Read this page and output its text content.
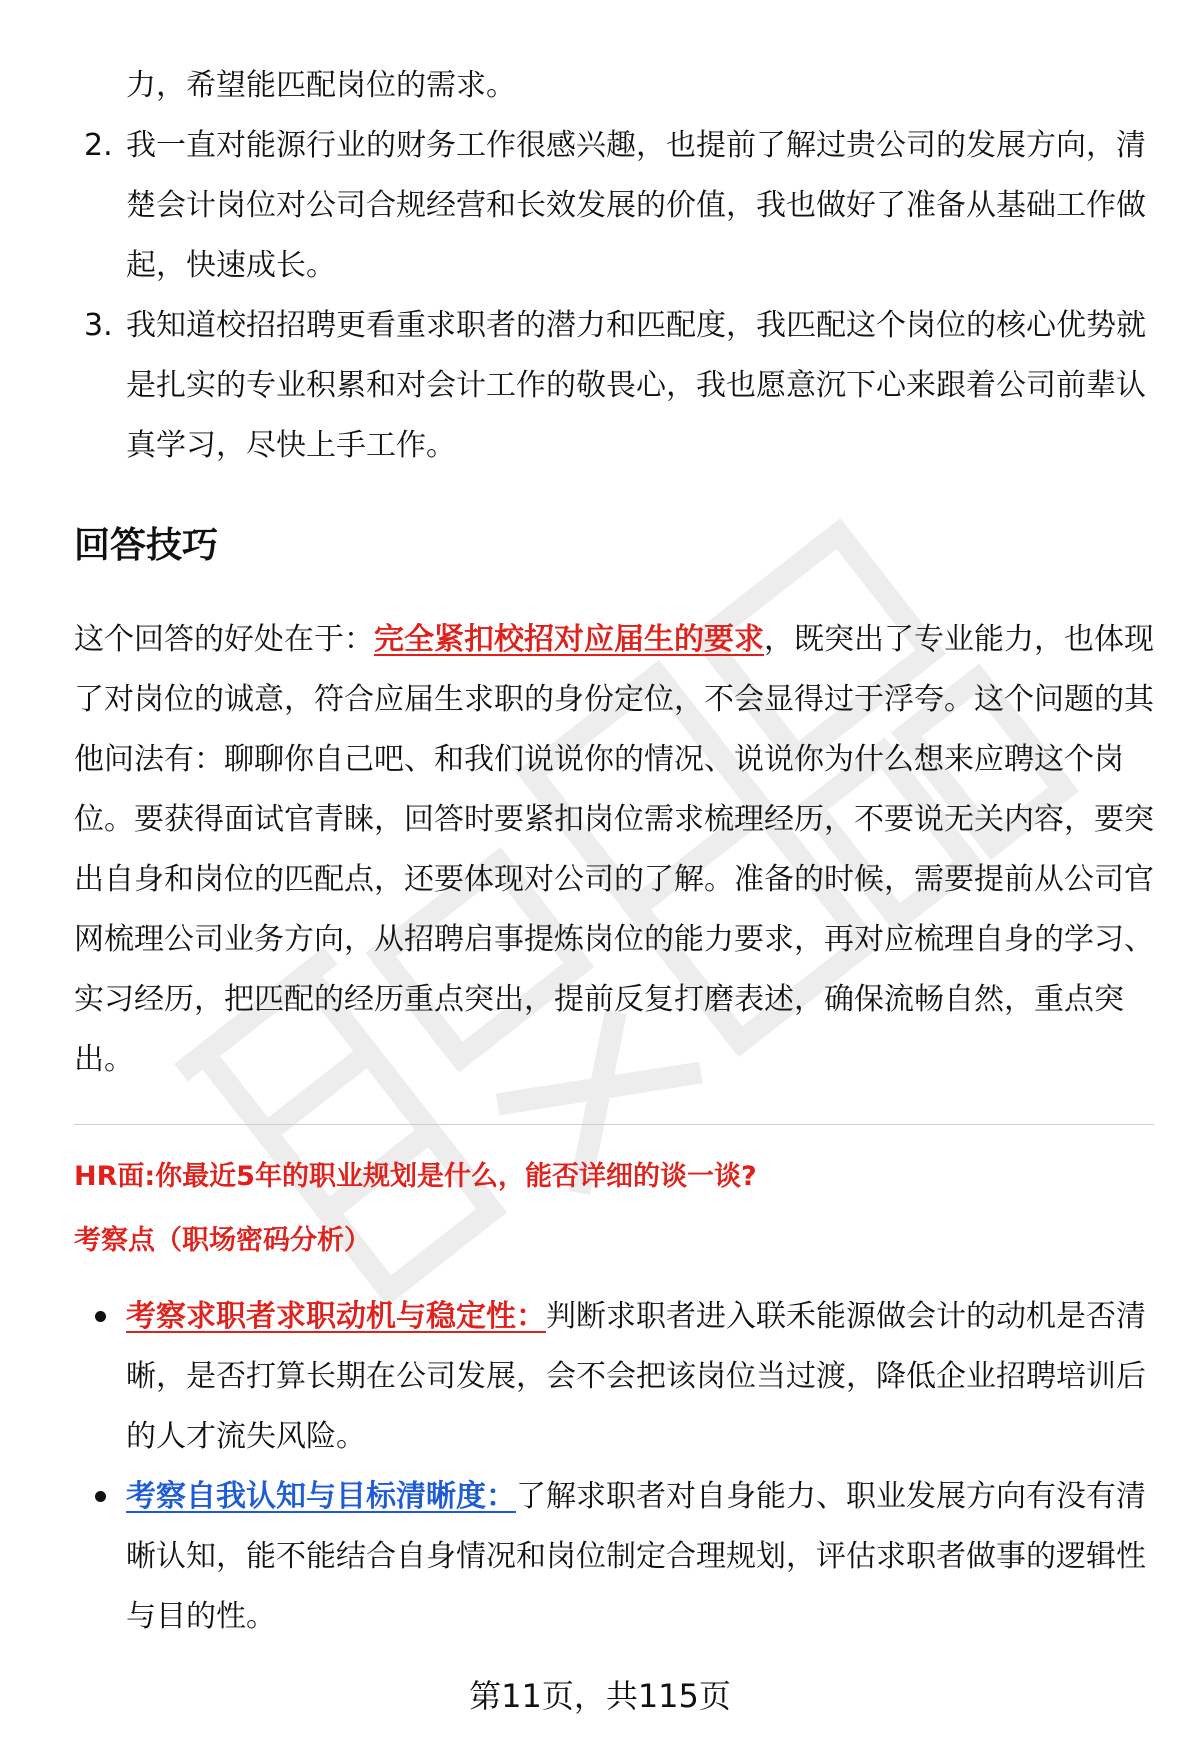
力，希望能匹配岗位的需求。

2. 我一直对能源行业的财务工作很感兴趣，也提前了解过贵公司的发展方向，清楚会计岗位对公司合规经营和长效发展的价值，我也做好了准备从基础工作做起，快速成长。
3. 我知道校招招聘更看重求职者的潜力和匹配度，我匹配这个岗位的核心优势就是扎实的专业积累和对会计工作的敬畏心，我也愿意沉下心来跟着公司前辈认真学习，尽快上手工作。
回答技巧

这个回答的好处在于：完全紧扣校招对应届生的要求，既突出了专业能力，也体现了对岗位的诚意，符合应届生求职的身份定位，不会显得过于浮夸。这个问题的其他问法有：聊聊你自己吧、和我们说说你的情况、说说你为什么想来应聘这个岗位。要获得面试官青睐，回答时要紧扣岗位需求梳理经历，不要说无关内容，要突出自身和岗位的匹配点，还要体现对公司的了解。准备的时候，需要提前从公司官网梳理公司业务方向，从招聘启事提炼岗位的能力要求，再对应梳理自身的学习、实习经历，把匹配的经历重点突出，提前反复打磨表述，确保流畅自然，重点突出。

HR面:你最近5年的职业规划是什么，能否详细的谈一谈?

考察点（职场密码分析）

考察求职者求职动机与稳定性：判断求职者进入联禾能源做会计的动机是否清晰，是否打算长期在公司发展，会不会把该岗位当过渡，降低企业招聘培训后的人才流失风险。
考察自我认知与目标清晰度：了解求职者对自身能力、职业发展方向有没有清晰认知，能不能结合自身情况和岗位制定合理规划，评估求职者做事的逻辑性与目的性。
第11页，共115页
